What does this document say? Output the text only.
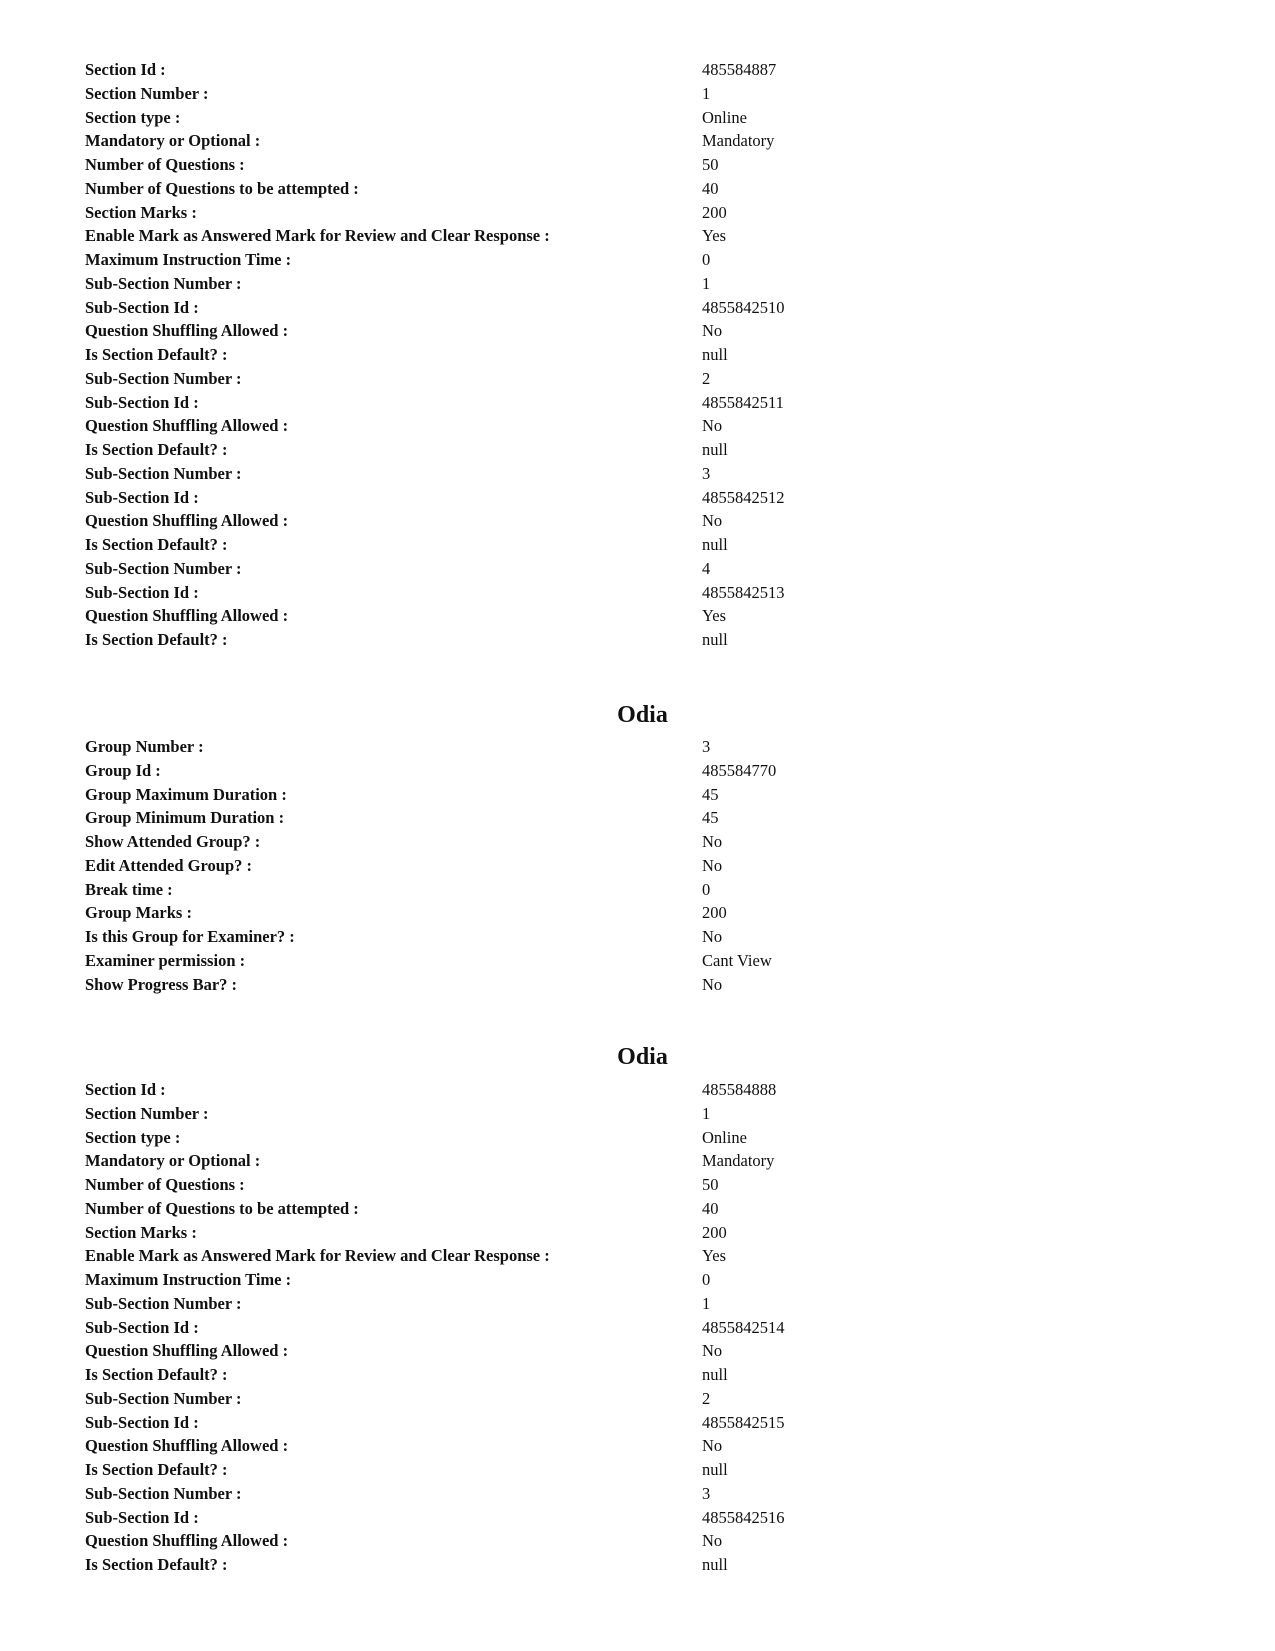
Section Id :	485584887
Section Number :	1
Section type :	Online
Mandatory or Optional :	Mandatory
Number of Questions :	50
Number of Questions to be attempted :	40
Section Marks :	200
Enable Mark as Answered Mark for Review and Clear Response :	Yes
Maximum Instruction Time :	0
Sub-Section Number :	1
Sub-Section Id :	4855842510
Question Shuffling Allowed :	No
Is Section Default? :	null
Sub-Section Number :	2
Sub-Section Id :	4855842511
Question Shuffling Allowed :	No
Is Section Default? :	null
Sub-Section Number :	3
Sub-Section Id :	4855842512
Question Shuffling Allowed :	No
Is Section Default? :	null
Sub-Section Number :	4
Sub-Section Id :	4855842513
Question Shuffling Allowed :	Yes
Is Section Default? :	null
Odia
Group Number :	3
Group Id :	485584770
Group Maximum Duration :	45
Group Minimum Duration :	45
Show Attended Group? :	No
Edit Attended Group? :	No
Break time :	0
Group Marks :	200
Is this Group for Examiner? :	No
Examiner permission :	Cant View
Show Progress Bar? :	No
Odia
Section Id :	485584888
Section Number :	1
Section type :	Online
Mandatory or Optional :	Mandatory
Number of Questions :	50
Number of Questions to be attempted :	40
Section Marks :	200
Enable Mark as Answered Mark for Review and Clear Response :	Yes
Maximum Instruction Time :	0
Sub-Section Number :	1
Sub-Section Id :	4855842514
Question Shuffling Allowed :	No
Is Section Default? :	null
Sub-Section Number :	2
Sub-Section Id :	4855842515
Question Shuffling Allowed :	No
Is Section Default? :	null
Sub-Section Number :	3
Sub-Section Id :	4855842516
Question Shuffling Allowed :	No
Is Section Default? :	null
